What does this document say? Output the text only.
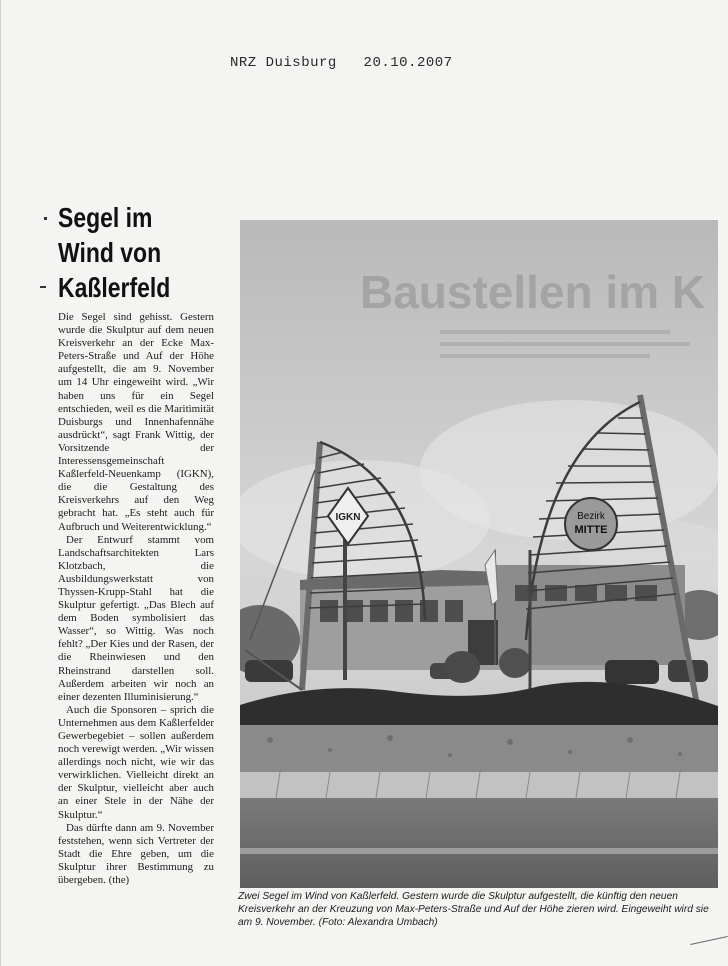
NRZ Duisburg 20.10.2007
Segel im
Wind von
Kaßlerfeld

Die Segel sind gehisst. Gestern wurde die Skulptur auf dem neuen Kreisverkehr an der Ecke Max-Peters-Straße und Auf der Höhe aufgestellt, die am 9. November um 14 Uhr eingeweiht wird. „Wir haben uns für ein Segel entschieden, weil es die Maritimität Duisburgs und Innenhafennähe ausdrückt“, sagt Frank Wittig, der Vorsitzende der Interessensgemeinschaft Kaßlerfeld-Neuenkamp (IGKN), die die Gestaltung des Kreisverkehrs auf den Weg gebracht hat. „Es steht auch für Aufbruch und Weiterentwicklung.“

Der Entwurf stammt vom Landschaftsarchitekten Lars Klotzbach, die Ausbildungswerkstatt von Thyssen-Krupp-Stahl hat die Skulptur gefertigt. „Das Blech auf dem Boden symbolisiert das Wasser“, so Wittig. Was noch fehlt? „Der Kies und der Rasen, der die Rheinwiesen und den Rheinstrand darstellen soll. Außerdem arbeiten wir noch an einer dezenten Illuminisierung.“

Auch die Sponsoren – sprich die Unternehmen aus dem Kaßlerfelder Gewerbegebiet – sollen außerdem noch verewigt werden. „Wir wissen allerdings noch nicht, wie wir das verwirklichen. Vielleicht direkt an der Skulptur, vielleicht aber auch an einer Stele in der Nähe der Skulptur.“

Das dürfte dann am 9. November feststehen, wenn sich Vertreter der Stadt die Ehre geben, um die Skulptur ihrer Bestimmung zu übergeben. (the)

Baustellen im K
IGKN	Bezirk
MITTE
Zwei Segel im Wind von Kaßlerfeld. Gestern wurde die Skulptur aufgestellt, die künftig den neuen Kreisverkehr an der Kreuzung von Max-Peters-Straße und Auf der Höhe zieren wird. Eingeweiht wird sie am 9. November. (Foto: Alexandra Umbach)
